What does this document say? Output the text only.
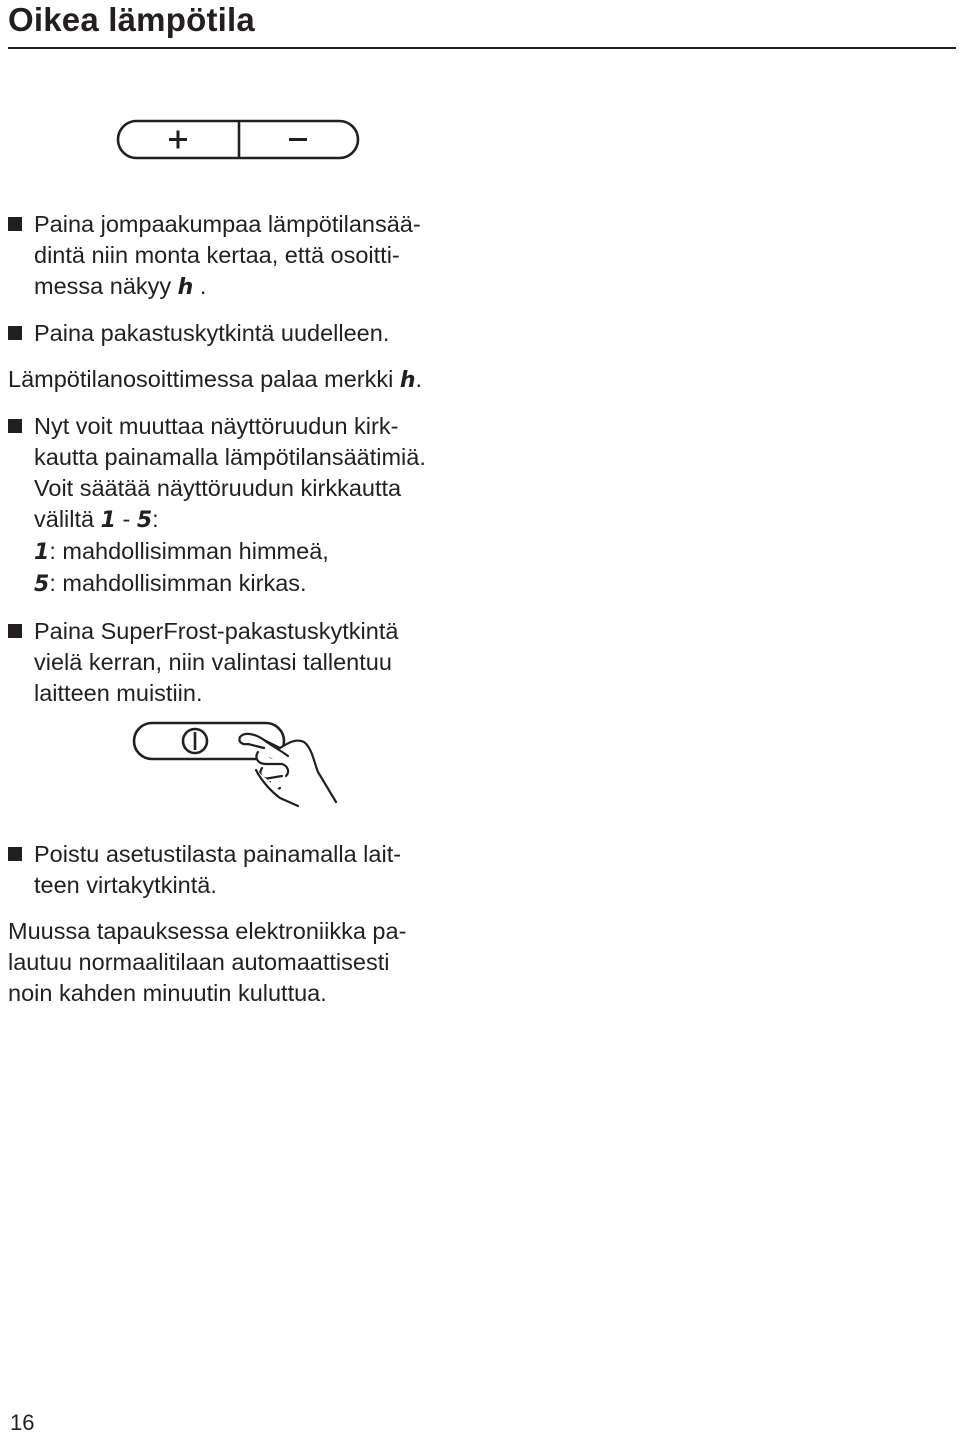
Oikea lämpötila
Paina jompaakumpaa lämpötilansää-
dintä niin monta kertaa, että osoitti-
messa näkyy h .
Paina pakastuskytkintä uudelleen.
Lämpötilanosoittimessa palaa merkki h.
Nyt voit muuttaa näyttöruudun kirk-
kautta painamalla lämpötilansäätimiä.
Voit säätää näyttöruudun kirkkautta
väliltä 1 - 5:
1: mahdollisimman himmeä,
5: mahdollisimman kirkas.
Paina SuperFrost-pakastuskytkintä
vielä kerran, niin valintasi tallentuu
laitteen muistiin.
Poistu asetustilasta painamalla lait-
teen virtakytkintä.
Muussa tapauksessa elektroniikka pa-
lautuu normaalitilaan automaattisesti
noin kahden minuutin kuluttua.
16
